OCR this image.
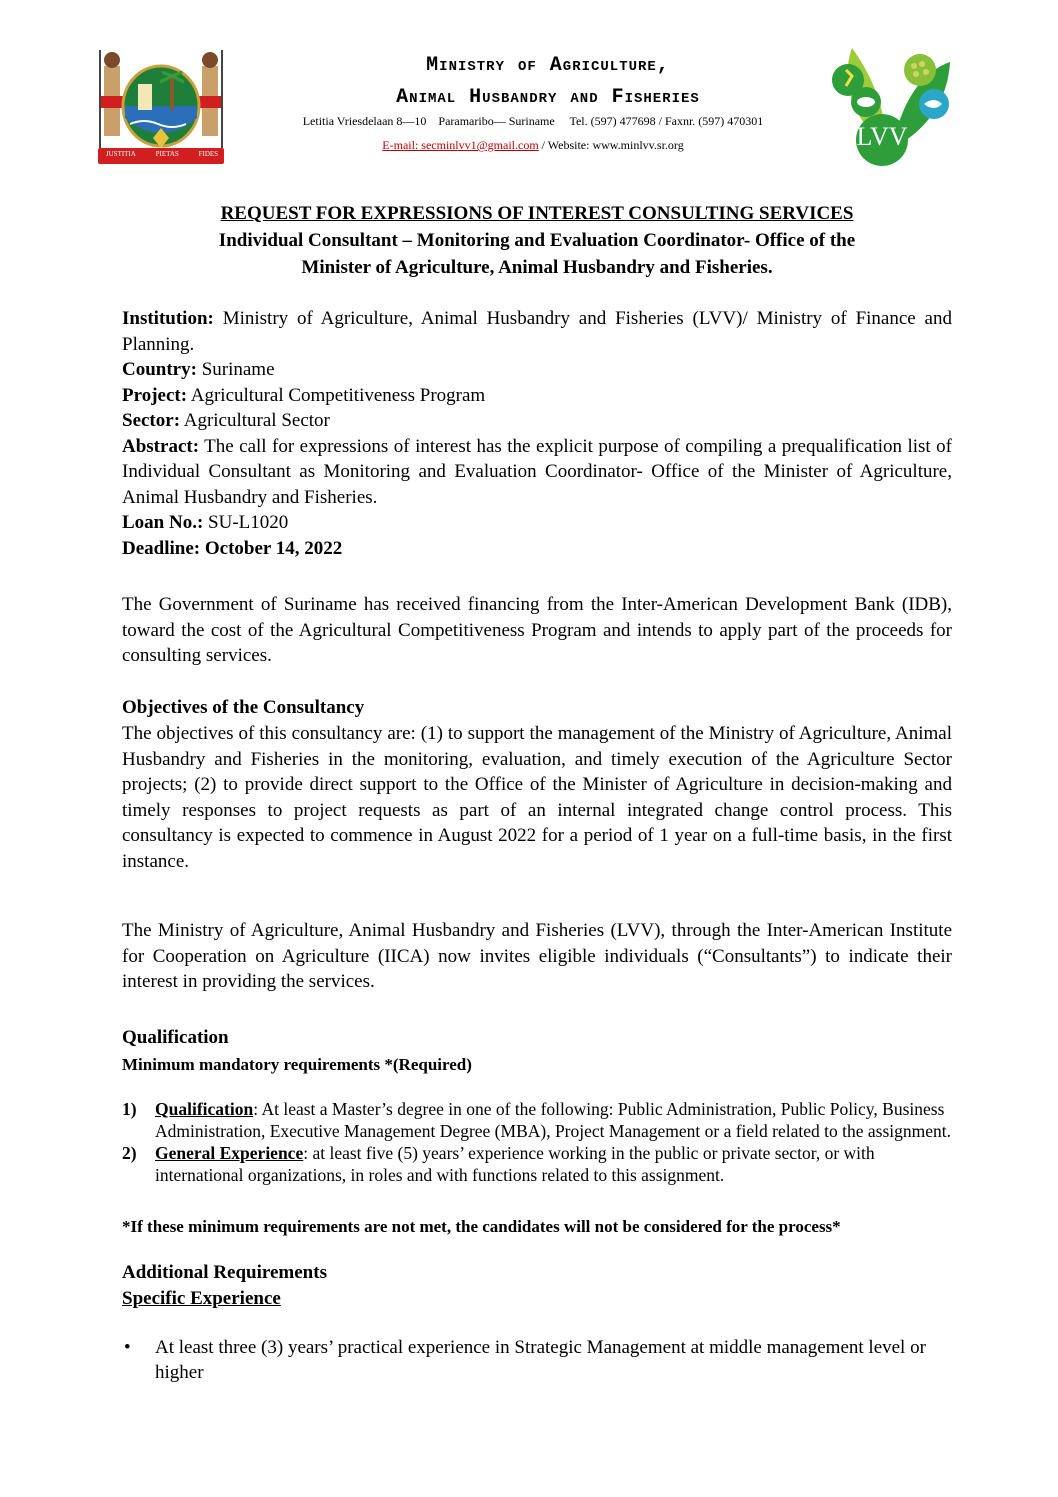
JUSTITIA	PIETAS	FIDES
Ministry of Agriculture,
Animal Husbandry and Fisheries
Letitia Vriesdelaan 8—10    Paramaribo— Suriname     Tel. (597) 477698 / Faxnr. (597) 470301
E-mail: secminlvv1@gmail.com / Website: www.minlvv.sr.org	LVV
REQUEST FOR EXPRESSIONS OF INTEREST CONSULTING SERVICES
Individual Consultant – Monitoring and Evaluation Coordinator- Office of the
Minister of Agriculture, Animal Husbandry and Fisheries.

Institution: Ministry of Agriculture, Animal Husbandry and Fisheries (LVV)/ Ministry of Finance and Planning.

Country: Suriname

Project: Agricultural Competitiveness Program

Sector: Agricultural Sector

Abstract: The call for expressions of interest has the explicit purpose of compiling a prequalification list of Individual Consultant as Monitoring and Evaluation Coordinator- Office of the Minister of Agriculture, Animal Husbandry and Fisheries.

Loan No.: SU-L1020

Deadline: October 14, 2022

The Government of Suriname has received financing from the Inter-American Development Bank (IDB), toward the cost of the Agricultural Competitiveness Program and intends to apply part of the proceeds for consulting services.
Objectives of the Consultancy
The objectives of this consultancy are: (1) to support the management of the Ministry of Agriculture, Animal Husbandry and Fisheries in the monitoring, evaluation, and timely execution of the Agriculture Sector projects; (2) to provide direct support to the Office of the Minister of Agriculture in decision-making and timely responses to project requests as part of an internal integrated change control process. This consultancy is expected to commence in August 2022 for a period of 1 year on a full-time basis, in the first instance.
The Ministry of Agriculture, Animal Husbandry and Fisheries (LVV), through the Inter-American Institute for Cooperation on Agriculture (IICA) now invites eligible individuals (“Consultants”) to indicate their interest in providing the services.
Qualification
Minimum mandatory requirements *(Required)
1) Qualification: At least a Master’s degree in one of the following: Public Administration, Public Policy, Business Administration, Executive Management Degree (MBA), Project Management or a field related to the assignment.
2) General Experience: at least five (5) years’ experience working in the public or private sector, or with international organizations, in roles and with functions related to this assignment.
*If these minimum requirements are not met, the candidates will not be considered for the process*
Additional Requirements
Specific Experience
• At least three (3) years’ practical experience in Strategic Management at middle management level or higher
